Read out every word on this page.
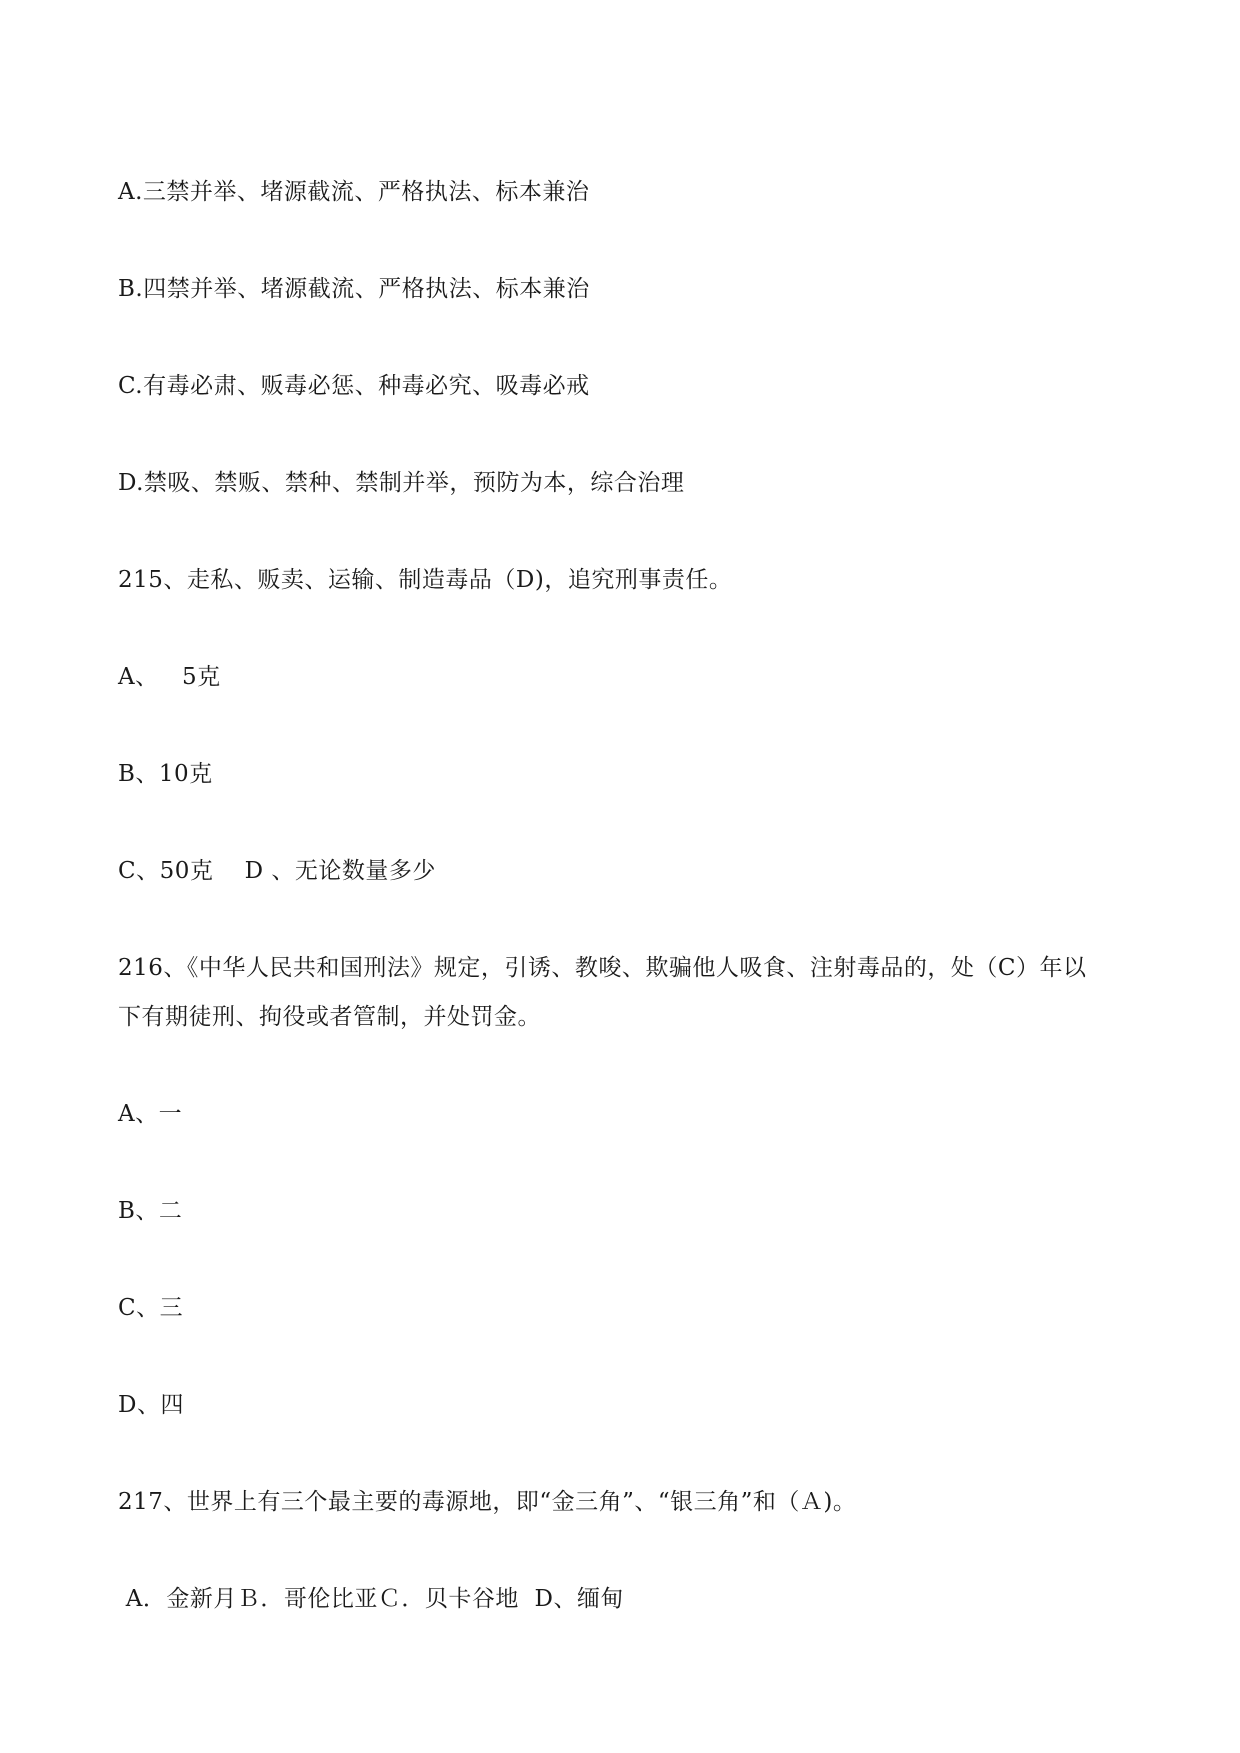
A.三禁并举、堵源截流、严格执法、标本兼治
B.四禁并举、堵源截流、严格执法、标本兼治
C.有毒必肃、贩毒必惩、种毒必究、吸毒必戒
D.禁吸、禁贩、禁种、禁制并举，预防为本，综合治理
215、走私、贩卖、运输、制造毒品（D)，追究刑事责任。
A、   5克
B、10克
C、50克    D 、无论数量多少
216、《中华人民共和国刑法》规定，引诱、教唆、欺骗他人吸食、注射毒品的，处（C）年以
下有期徒刑、拘役或者管制，并处罚金。
A、一
B、二
C、三
D、四
217、世界上有三个最主要的毒源地，即“金三角”、“银三角”和（Ａ)。
A．金新月Ｂ．哥伦比亚Ｃ．贝卡谷地  D、缅甸
